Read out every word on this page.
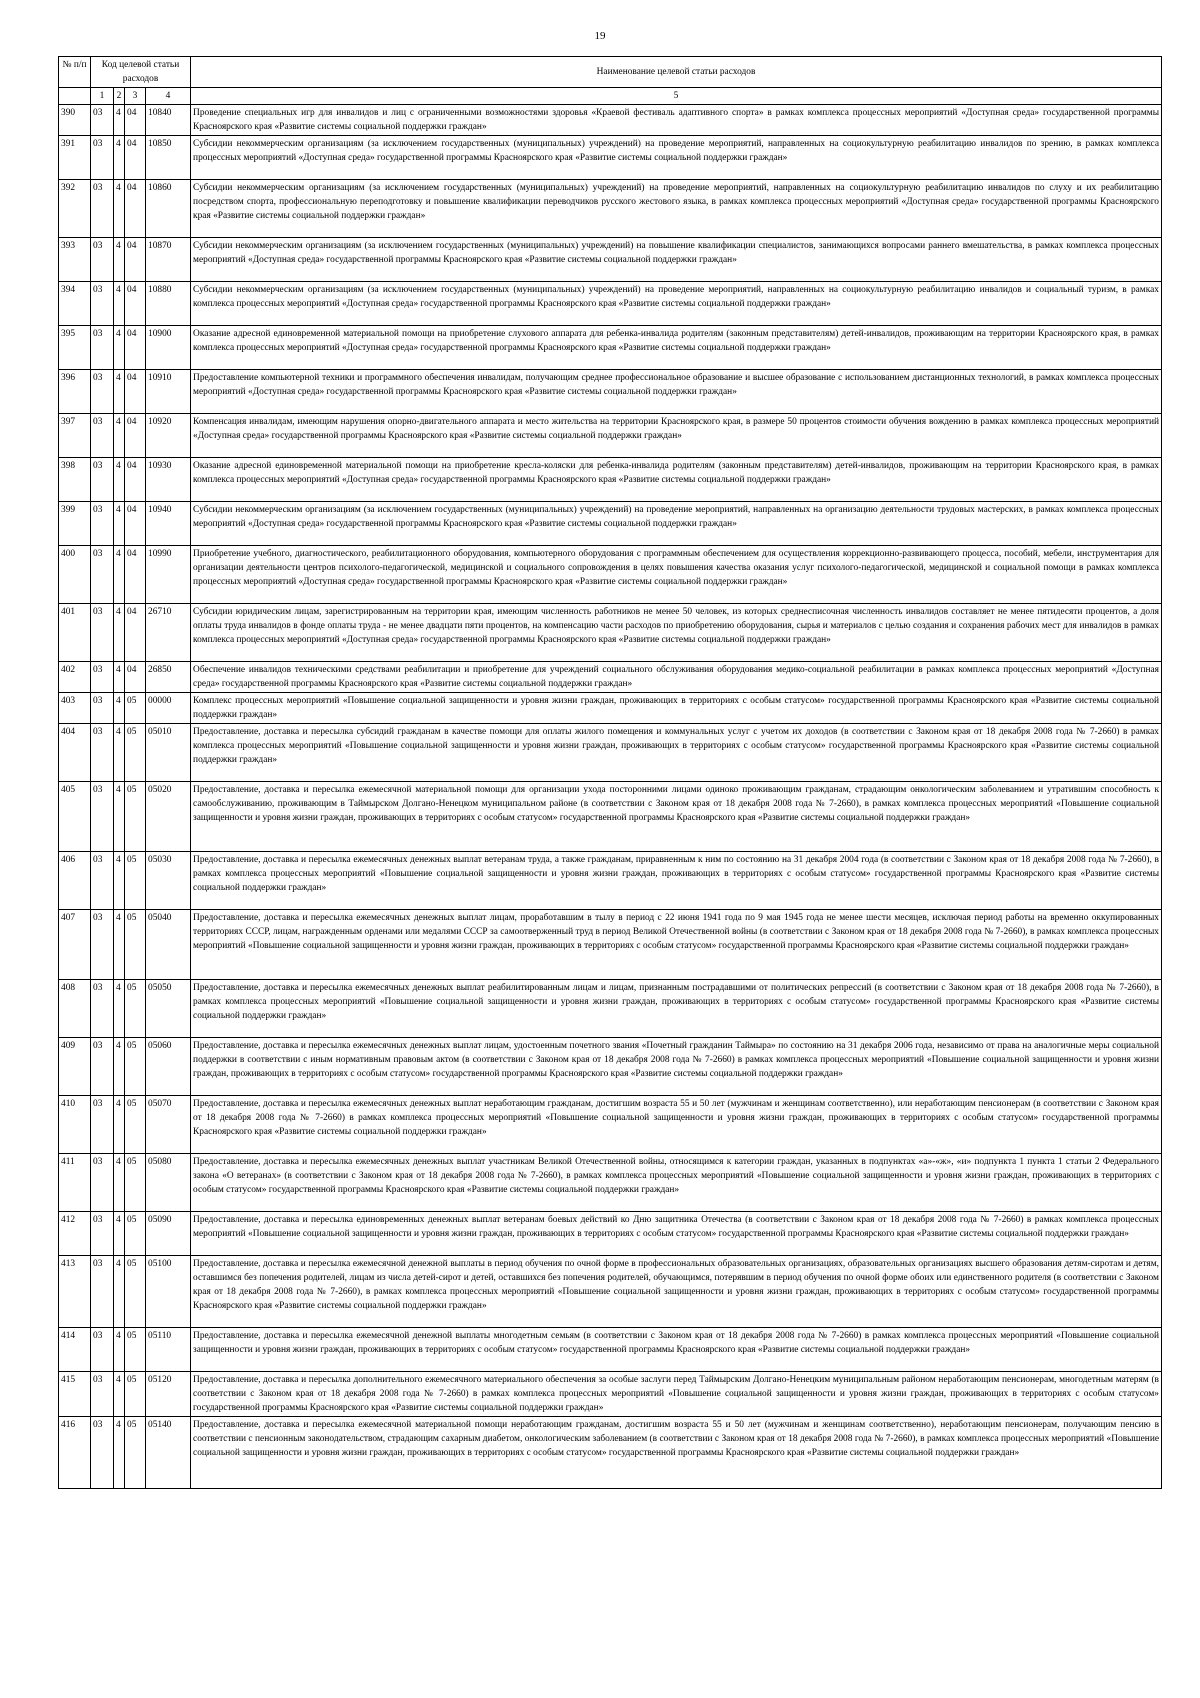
19
№ п/п	Код целевой статьи расходов				Наименование целевой статьи расходов

	1	2	3	4	5
390	03	4	04	10840	Проведение специальных игр для инвалидов и лиц с ограниченными возможностями здоровья «Краевой фестиваль адаптивного спорта» в рамках комплекса процессных мероприятий «Доступная среда» государственной программы Красноярского края «Развитие системы социальной поддержки граждан»
391	03	4	04	10850	Субсидии некоммерческим организациям (за исключением государственных (муниципальных) учреждений) на проведение мероприятий, направленных на социокультурную реабилитацию инвалидов по зрению, в рамках комплекса процессных мероприятий «Доступная среда» государственной программы Красноярского края «Развитие системы социальной поддержки граждан»
392	03	4	04	10860	Субсидии некоммерческим организациям (за исключением государственных (муниципальных) учреждений) на проведение мероприятий, направленных на социокультурную реабилитацию инвалидов по слуху и их реабилитацию посредством спорта, профессиональную переподготовку и повышение квалификации переводчиков русского жестового языка, в рамках комплекса процессных мероприятий «Доступная среда» государственной программы Красноярского края «Развитие системы социальной поддержки граждан»
393	03	4	04	10870	Субсидии некоммерческим организациям (за исключением государственных (муниципальных) учреждений) на повышение квалификации специалистов, занимающихся вопросами раннего вмешательства, в рамках комплекса процессных мероприятий «Доступная среда» государственной программы Красноярского края «Развитие системы социальной поддержки граждан»
394	03	4	04	10880	Субсидии некоммерческим организациям (за исключением государственных (муниципальных) учреждений) на проведение мероприятий, направленных на социокультурную реабилитацию инвалидов и социальный туризм, в рамках комплекса процессных мероприятий «Доступная среда» государственной программы Красноярского края «Развитие системы социальной поддержки граждан»
395	03	4	04	10900	Оказание адресной единовременной материальной помощи на приобретение слухового аппарата для ребенка-инвалида родителям (законным представителям) детей-инвалидов, проживающим на территории Красноярского края, в рамках комплекса процессных мероприятий «Доступная среда» государственной программы Красноярского края «Развитие системы социальной поддержки граждан»
396	03	4	04	10910	Предоставление компьютерной техники и программного обеспечения инвалидам, получающим среднее профессиональное образование и высшее образование с использованием дистанционных технологий, в рамках комплекса процессных мероприятий «Доступная среда» государственной программы Красноярского края «Развитие системы социальной поддержки граждан»
397	03	4	04	10920	Компенсация инвалидам, имеющим нарушения опорно-двигательного аппарата и место жительства на территории Красноярского края, в размере 50 процентов стоимости обучения вождению в рамках комплекса процессных мероприятий «Доступная среда» государственной программы Красноярского края «Развитие системы социальной поддержки граждан»
398	03	4	04	10930	Оказание адресной единовременной материальной помощи на приобретение кресла-коляски для ребенка-инвалида родителям (законным представителям) детей-инвалидов, проживающим на территории Красноярского края, в рамках комплекса процессных мероприятий «Доступная среда» государственной программы Красноярского края «Развитие системы социальной поддержки граждан»
399	03	4	04	10940	Субсидии некоммерческим организациям (за исключением государственных (муниципальных) учреждений) на проведение мероприятий, направленных на организацию деятельности трудовых мастерских, в рамках комплекса процессных мероприятий «Доступная среда» государственной программы Красноярского края «Развитие системы социальной поддержки граждан»
400	03	4	04	10990	Приобретение учебного, диагностического, реабилитационного оборудования, компьютерного оборудования с программным обеспечением для осуществления коррекционно-развивающего процесса, пособий, мебели, инструментария для организации деятельности центров психолого-педагогической, медицинской и социального сопровождения в целях повышения качества оказания услуг психолого-педагогической, медицинской и социальной помощи в рамках комплекса процессных мероприятий «Доступная среда» государственной программы Красноярского края «Развитие системы социальной поддержки граждан»
401	03	4	04	26710	Субсидии юридическим лицам, зарегистрированным на территории края, имеющим численность работников не менее 50 человек, из которых среднесписочная численность инвалидов составляет не менее пятидесяти процентов, а доля оплаты труда инвалидов в фонде оплаты труда - не менее двадцати пяти процентов, на компенсацию части расходов по приобретению оборудования, сырья и материалов с целью создания и сохранения рабочих мест для инвалидов в рамках комплекса процессных мероприятий «Доступная среда» государственной программы Красноярского края «Развитие системы социальной поддержки граждан»
402	03	4	04	26850	Обеспечение инвалидов техническими средствами реабилитации и приобретение для учреждений социального обслуживания оборудования медико-социальной реабилитации в рамках комплекса процессных мероприятий «Доступная среда» государственной программы Красноярского края «Развитие системы социальной поддержки граждан»
403	03	4	05	00000	Комплекс процессных мероприятий «Повышение социальной защищенности и уровня жизни граждан, проживающих в территориях с особым статусом» государственной программы Красноярского края «Развитие системы социальной поддержки граждан»
404	03	4	05	05010	Предоставление, доставка и пересылка субсидий гражданам в качестве помощи для оплаты жилого помещения и коммунальных услуг с учетом их доходов (в соответствии с Законом края от 18 декабря 2008 года № 7-2660) в рамках комплекса процессных мероприятий «Повышение социальной защищенности и уровня жизни граждан, проживающих в территориях с особым статусом» государственной программы Красноярского края «Развитие системы социальной поддержки граждан»
405	03	4	05	05020	Предоставление, доставка и пересылка ежемесячной материальной помощи для организации ухода посторонними лицами одиноко проживающим гражданам, страдающим онкологическим заболеванием и утратившим способность к самообслуживанию, проживающим в Таймырском Долгано-Ненецком муниципальном районе (в соответствии с Законом края от 18 декабря 2008 года № 7-2660), в рамках комплекса процессных мероприятий «Повышение социальной защищенности и уровня жизни граждан, проживающих в территориях с особым статусом» государственной программы Красноярского края «Развитие системы социальной поддержки граждан»
406	03	4	05	05030	Предоставление, доставка и пересылка ежемесячных денежных выплат ветеранам труда, а также гражданам, приравненным к ним по состоянию на 31 декабря 2004 года (в соответствии с Законом края от 18 декабря 2008 года № 7-2660), в рамках комплекса процессных мероприятий «Повышение социальной защищенности и уровня жизни граждан, проживающих в территориях с особым статусом» государственной программы Красноярского края «Развитие системы социальной поддержки граждан»
407	03	4	05	05040	Предоставление, доставка и пересылка ежемесячных денежных выплат лицам, проработавшим в тылу в период с 22 июня 1941 года по 9 мая 1945 года не менее шести месяцев, исключая период работы на временно оккупированных территориях СССР, лицам, награжденным орденами или медалями СССР за самоотверженный труд в период Великой Отечественной войны (в соответствии с Законом края от 18 декабря 2008 года № 7-2660), в рамках комплекса процессных мероприятий «Повышение социальной защищенности и уровня жизни граждан, проживающих в территориях с особым статусом» государственной программы Красноярского края «Развитие системы социальной поддержки граждан»
408	03	4	05	05050	Предоставление, доставка и пересылка ежемесячных денежных выплат реабилитированным лицам и лицам, признанным пострадавшими от политических репрессий (в соответствии с Законом края от 18 декабря 2008 года № 7-2660), в рамках комплекса процессных мероприятий «Повышение социальной защищенности и уровня жизни граждан, проживающих в территориях с особым статусом» государственной программы Красноярского края «Развитие системы социальной поддержки граждан»
409	03	4	05	05060	Предоставление, доставка и пересылка ежемесячных денежных выплат лицам, удостоенным почетного звания «Почетный гражданин Таймыра» по состоянию на 31 декабря 2006 года, независимо от права на аналогичные меры социальной поддержки в соответствии с иным нормативным правовым актом (в соответствии с Законом края от 18 декабря 2008 года № 7-2660) в рамках комплекса процессных мероприятий «Повышение социальной защищенности и уровня жизни граждан, проживающих в территориях с особым статусом» государственной программы Красноярского края «Развитие системы социальной поддержки граждан»
410	03	4	05	05070	Предоставление, доставка и пересылка ежемесячных денежных выплат неработающим гражданам, достигшим возраста 55 и 50 лет (мужчинам и женщинам соответственно), или неработающим пенсионерам (в соответствии с Законом края от 18 декабря 2008 года № 7-2660) в рамках комплекса процессных мероприятий «Повышение социальной защищенности и уровня жизни граждан, проживающих в территориях с особым статусом» государственной программы Красноярского края «Развитие системы социальной поддержки граждан»
411	03	4	05	05080	Предоставление, доставка и пересылка ежемесячных денежных выплат участникам Великой Отечественной войны, относящимся к категории граждан, указанных в подпунктах «а»-«ж», «и» подпункта 1 пункта 1 статьи 2 Федерального закона «О ветеранах» (в соответствии с Законом края от 18 декабря 2008 года № 7-2660), в рамках комплекса процессных мероприятий «Повышение социальной защищенности и уровня жизни граждан, проживающих в территориях с особым статусом» государственной программы Красноярского края «Развитие системы социальной поддержки граждан»
412	03	4	05	05090	Предоставление, доставка и пересылка единовременных денежных выплат ветеранам боевых действий ко Дню защитника Отечества (в соответствии с Законом края от 18 декабря 2008 года № 7-2660) в рамках комплекса процессных мероприятий «Повышение социальной защищенности и уровня жизни граждан, проживающих в территориях с особым статусом» государственной программы Красноярского края «Развитие системы социальной поддержки граждан»
413	03	4	05	05100	Предоставление, доставка и пересылка ежемесячной денежной выплаты в период обучения по очной форме в профессиональных образовательных организациях, образовательных организациях высшего образования детям-сиротам и детям, оставшимся без попечения родителей, лицам из числа детей-сирот и детей, оставшихся без попечения родителей, обучающимся, потерявшим в период обучения по очной форме обоих или единственного родителя (в соответствии с Законом края от 18 декабря 2008 года № 7-2660), в рамках комплекса процессных мероприятий «Повышение социальной защищенности и уровня жизни граждан, проживающих в территориях с особым статусом» государственной программы Красноярского края «Развитие системы социальной поддержки граждан»
414	03	4	05	05110	Предоставление, доставка и пересылка ежемесячной денежной выплаты многодетным семьям (в соответствии с Законом края от 18 декабря 2008 года № 7-2660) в рамках комплекса процессных мероприятий «Повышение социальной защищенности и уровня жизни граждан, проживающих в территориях с особым статусом» государственной программы Красноярского края «Развитие системы социальной поддержки граждан»
415	03	4	05	05120	Предоставление, доставка и пересылка дополнительного ежемесячного материального обеспечения за особые заслуги перед Таймырским Долгано-Ненецким муниципальным районом неработающим пенсионерам, многодетным матерям (в соответствии с Законом края от 18 декабря 2008 года № 7-2660) в рамках комплекса процессных мероприятий «Повышение социальной защищенности и уровня жизни граждан, проживающих в территориях с особым статусом» государственной программы Красноярского края «Развитие системы социальной поддержки граждан»
416	03	4	05	05140	Предоставление, доставка и пересылка ежемесячной материальной помощи неработающим гражданам, достигшим возраста 55 и 50 лет (мужчинам и женщинам соответственно), неработающим пенсионерам, получающим пенсию в соответствии с пенсионным законодательством, страдающим сахарным диабетом, онкологическим заболеванием (в соответствии с Законом края от 18 декабря 2008 года № 7-2660), в рамках комплекса процессных мероприятий «Повышение социальной защищенности и уровня жизни граждан, проживающих в территориях с особым статусом» государственной программы Красноярского края «Развитие системы социальной поддержки граждан»
